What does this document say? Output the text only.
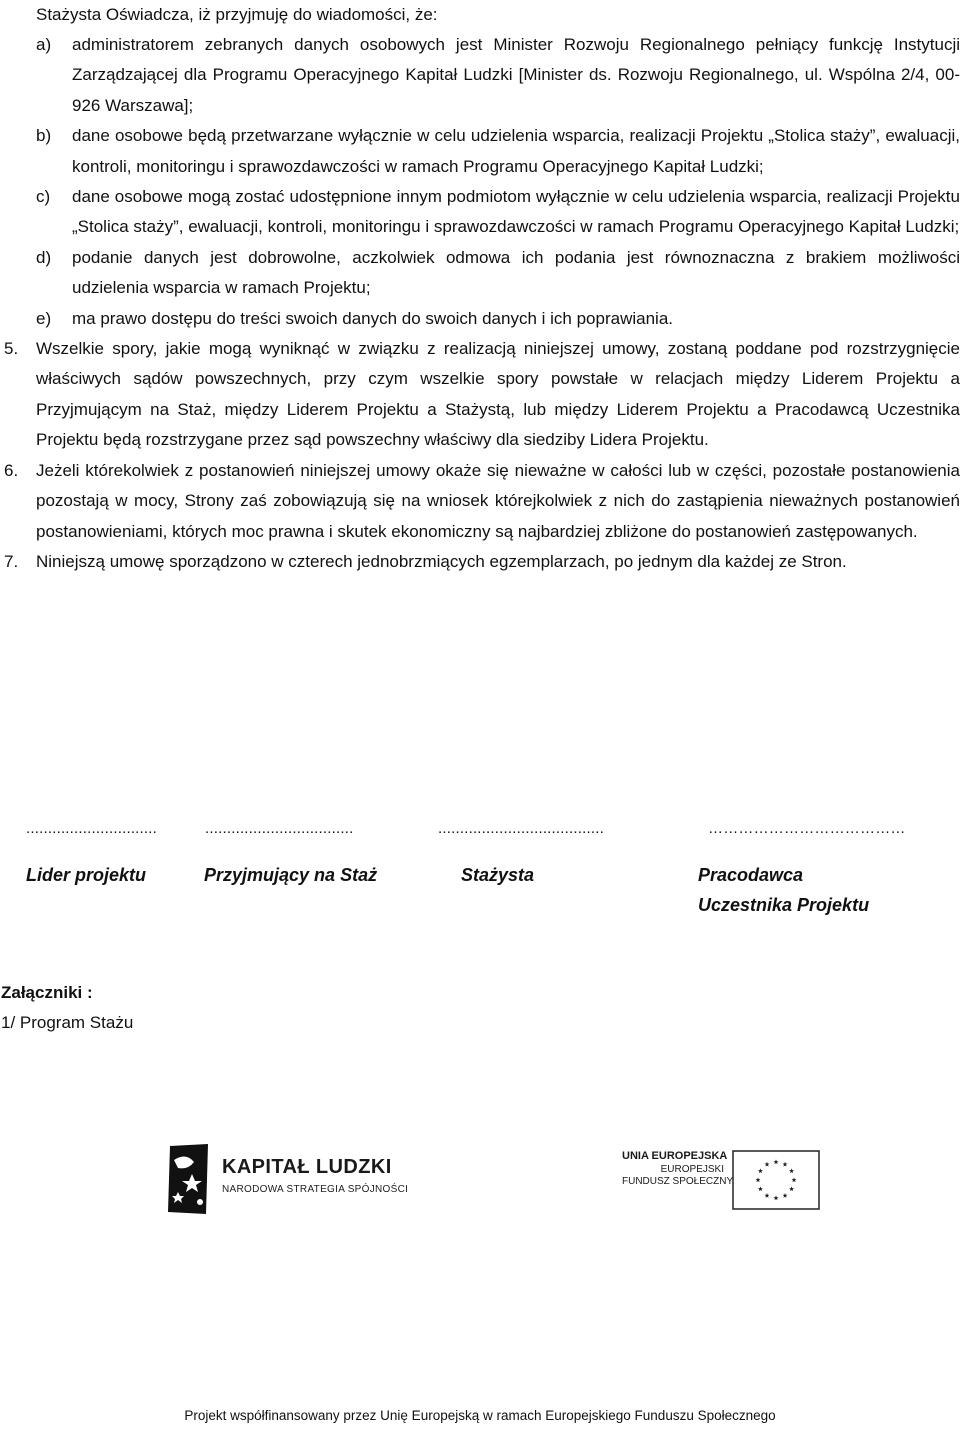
Stażysta Oświadcza, iż przyjmuję do wiadomości, że:
a) administratorem zebranych danych osobowych jest Minister Rozwoju Regionalnego pełniący funkcję Instytucji Zarządzającej dla Programu Operacyjnego Kapitał Ludzki [Minister ds. Rozwoju Regionalnego, ul. Wspólna 2/4, 00-926 Warszawa];
b) dane osobowe będą przetwarzane wyłącznie w celu udzielenia wsparcia, realizacji Projektu „Stolica staży”, ewaluacji, kontroli, monitoringu i sprawozdawczości w ramach Programu Operacyjnego Kapitał Ludzki;
c) dane osobowe mogą zostać udostępnione innym podmiotom wyłącznie w celu udzielenia wsparcia, realizacji Projektu „Stolica staży”, ewaluacji, kontroli, monitoringu i sprawozdawczości w ramach Programu Operacyjnego Kapitał Ludzki;
d) podanie danych jest dobrowolne, aczkolwiek odmowa ich podania jest równoznaczna z brakiem możliwości udzielenia wsparcia w ramach Projektu;
e) ma prawo dostępu do treści swoich danych do swoich danych i ich poprawiania.
5. Wszelkie spory, jakie mogą wyniknąć w związku z realizacją niniejszej umowy, zostaną poddane pod rozstrzygnięcie właściwych sądów powszechnych, przy czym wszelkie spory powstałe w relacjach między Liderem Projektu a Przyjmującym na Staż, między Liderem Projektu a Stażystą, lub między Liderem Projektu a Pracodawcą Uczestnika Projektu będą rozstrzygane przez sąd powszechny właściwy dla siedziby Lidera Projektu.
6. Jeżeli którekolwiek z postanowień niniejszej umowy okaże się nieważne w całości lub w części, pozostałe postanowienia pozostają w mocy, Strony zaś zobowiązują się na wniosek którejkolwiek z nich do zastąpienia nieważnych postanowień postanowieniami, których moc prawna i skutek ekonomiczny są najbardziej zbliżone do postanowień zastępowanych.
7. Niniejszą umowę sporządzono w czterech jednobrzmiących egzemplarzach, po jednym dla każdej ze Stron.
..............................	..................................	......................................	…………………………………
Lider projektu	Przyjmujący na Staż	Stażysta	Pracodawca
Uczestnika Projektu
Załączniki :
1/ Program Stażu
KAPITAŁ LUDZKI
NARODOWA STRATEGIA SPÓJNOŚCI
UNIA EUROPEJSKA
EUROPEJSKI
FUNDUSZ SPOŁECZNY
Projekt współfinansowany przez Unię Europejską w ramach Europejskiego Funduszu Społecznego
